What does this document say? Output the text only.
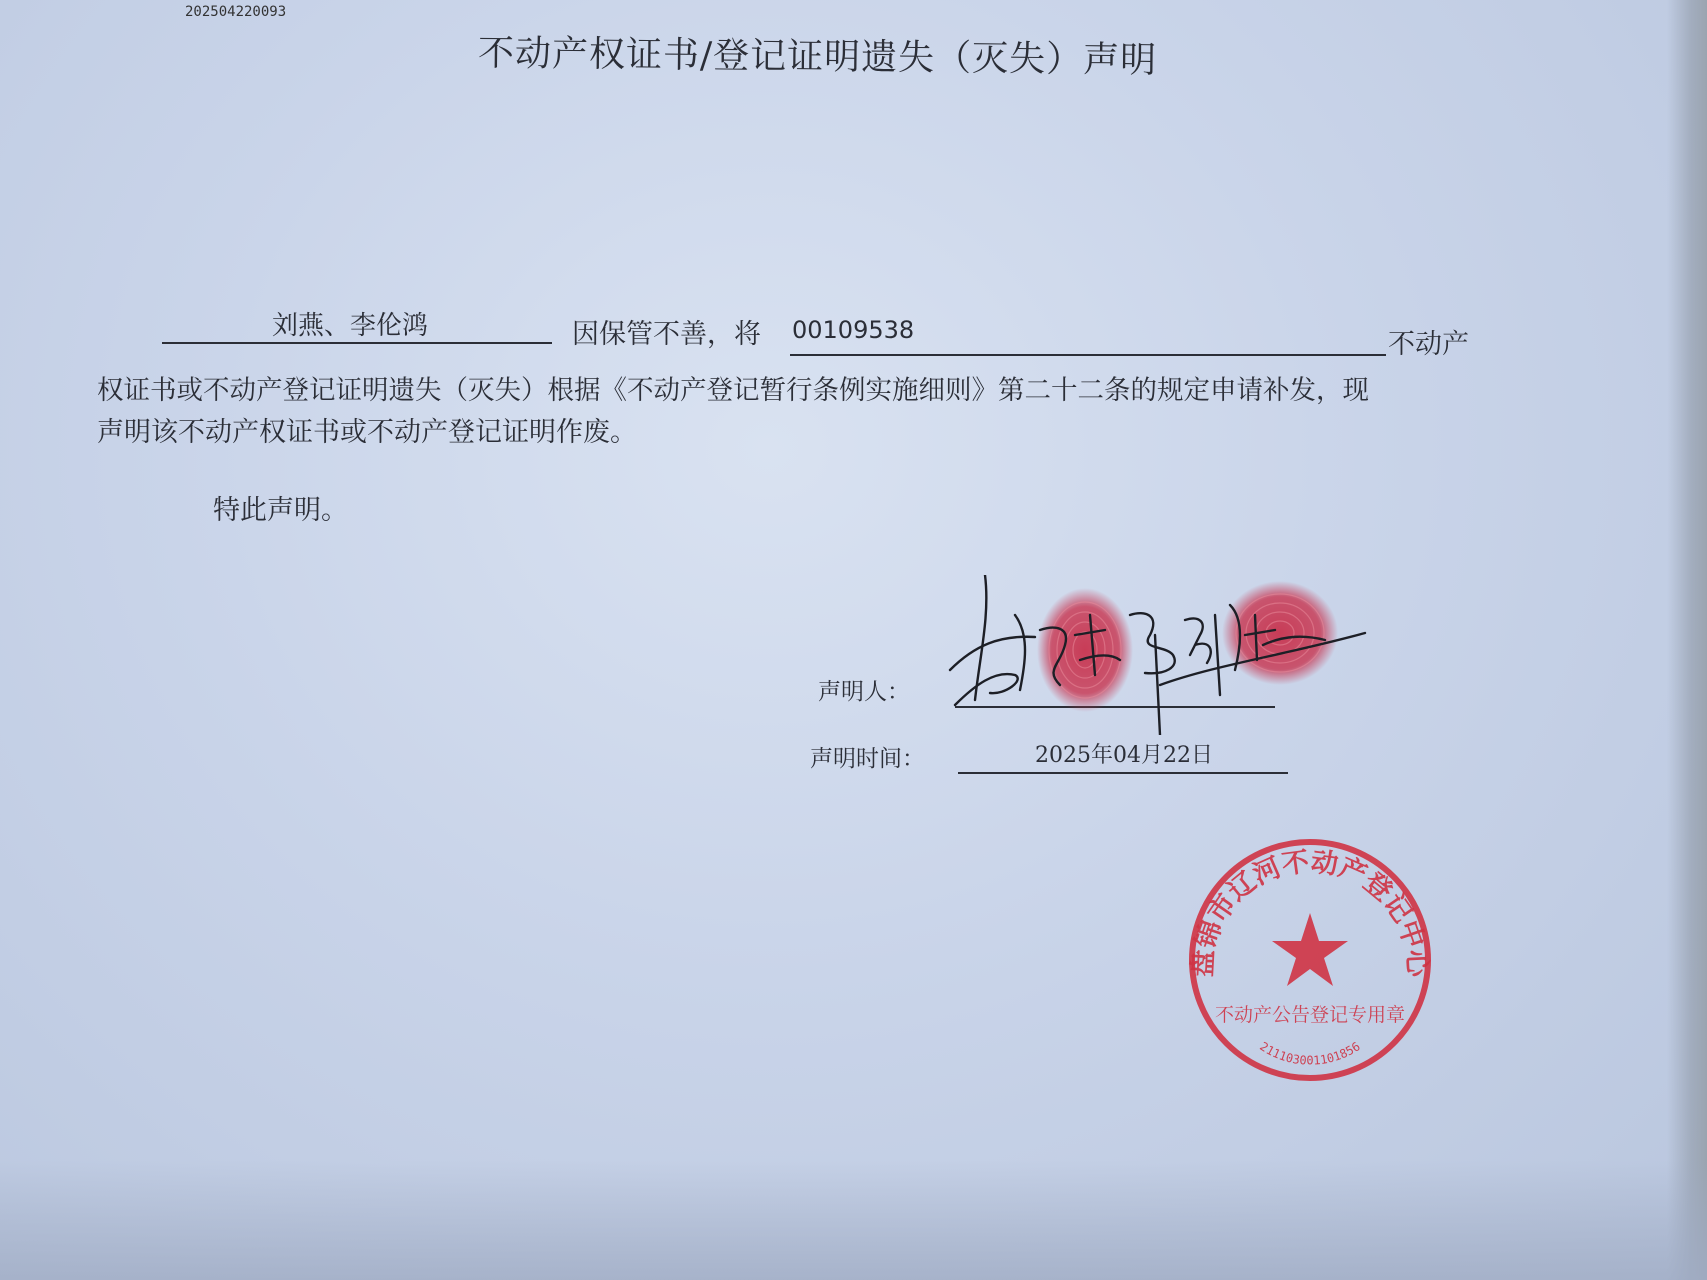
202504220093
不动产权证书/登记证明遗失（灭失）声明
刘燕、李伦鸿	因保管不善，将 00109538	不动产
权证书或不动产登记证明遗失（灭失）根据《不动产登记暂行条例实施细则》第二十二条的规定申请补发，现
声明该不动产权证书或不动产登记证明作废。
特此声明。
声明人：
声明时间：	2025年04月22日
盘锦市辽河不动产登记中心
不动产公告登记专用章
211103001101856
